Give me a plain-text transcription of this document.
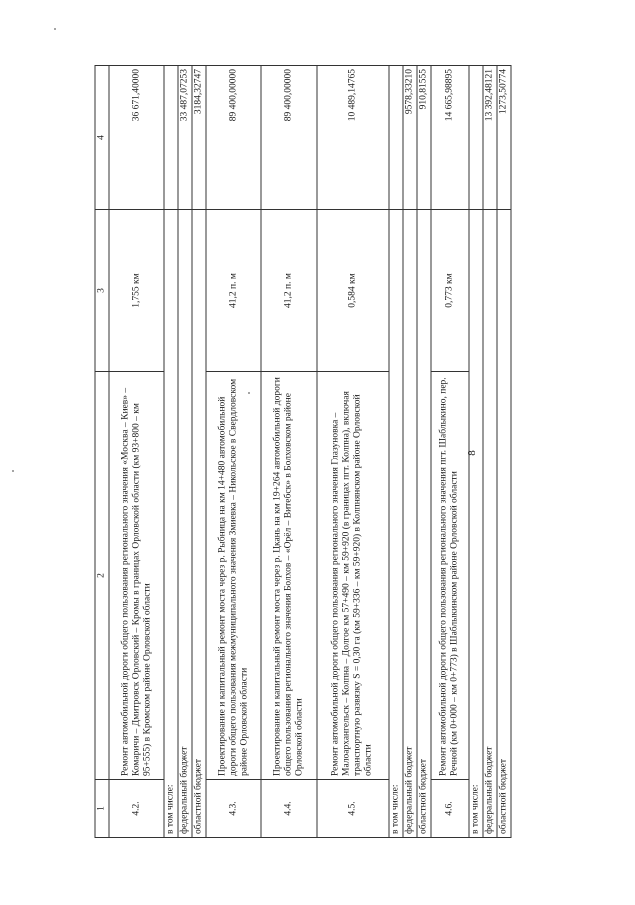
8
1	2	3	4
4.2.	Ремонт автомобильной дороги общего пользования регионального значения «Москва – Киев» – Комаричи – Дмитровск Орловский – Кромы в границах Орловской области (км 93+800 – км 95+555) в Кромском районе Орловской области	1,755 км	36 671,40000
в том числе:			
федеральный бюджет			33 487,07253
областной бюджет			3184,32747
4.3.	Проектирование и капитальный ремонт моста через р. Рыбница на км 14+480 автомобильной дороги общего пользования межмуниципального значения Змиевка – Никольское в Свердловском районе Орловской области	41,2 п. м	89 400,00000
4.4.	Проектирование и капитальный ремонт моста через р. Цкань на км 19+264 автомобильной дороги общего пользования регионального значения Болхов – «Орёл – Витебск» в Болховском районе Орловской области	41,2 п. м	89 400,00000
4.5.	Ремонт автомобильной дороги общего пользования регионального значения Глазуновка – Малоархангельск – Колпна – Долгое км 57+490 – км 59+920 (в границах пгт. Колпна), включая транспортную развязку S = 0,30 га (км 59+336 – км 59+920) в Колпнянском районе Орловской области	0,584 км	10 489,14765
в том числе:			
федеральный бюджет			9578,33210
областной бюджет			910,81555
4.6.	Ремонт автомобильной дороги общего пользования регионального значения пгт. Шаблыкино, пер. Речной (км 0+000 – км 0+773) в Шаблыкинском районе Орловской области	0,773 км	14 665,98895
в том числе:			
федеральный бюджет			13 392,48121
областной бюджет			1273,50774
